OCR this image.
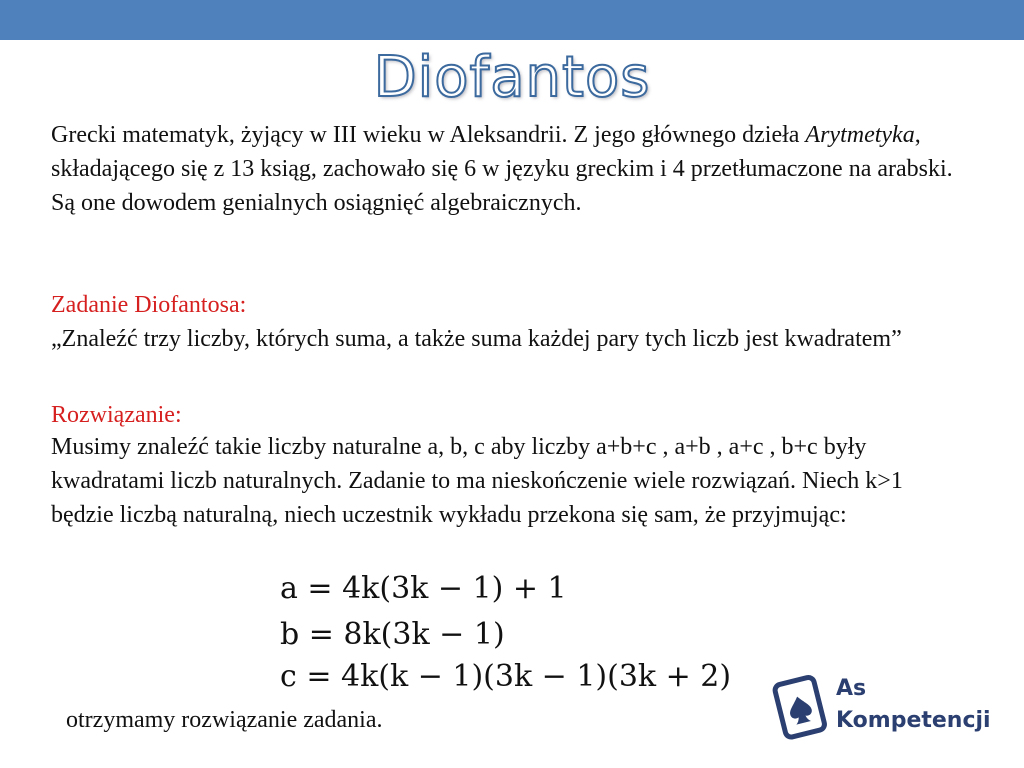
Diofantos

Grecki matematyk, żyjący w III wieku w Aleksandrii. Z jego głównego dzieła Arytmetyka, składającego się z 13 ksiąg, zachowało się 6 w języku greckim i 4 przetłumaczone na arabski. Są one dowodem genialnych osiągnięć algebraicznych.

Zadanie Diofantosa:

„Znaleźć trzy liczby, których suma, a także suma każdej pary tych liczb jest kwadratem”

Rozwiązanie:

Musimy znaleźć takie liczby naturalne a, b, c aby liczby a+b+c , a+b , a+c , b+c były kwadratami liczb naturalnych. Zadanie to ma nieskończenie wiele rozwiązań. Niech k>1 będzie liczbą naturalną, niech uczestnik wykładu przekona się sam, że przyjmując:

a = 4k(3k − 1) + 1
b = 8k(3k − 1)
c = 4k(k − 1)(3k − 1)(3k + 2)

otrzymamy rozwiązanie zadania.

As
Kompetencji
